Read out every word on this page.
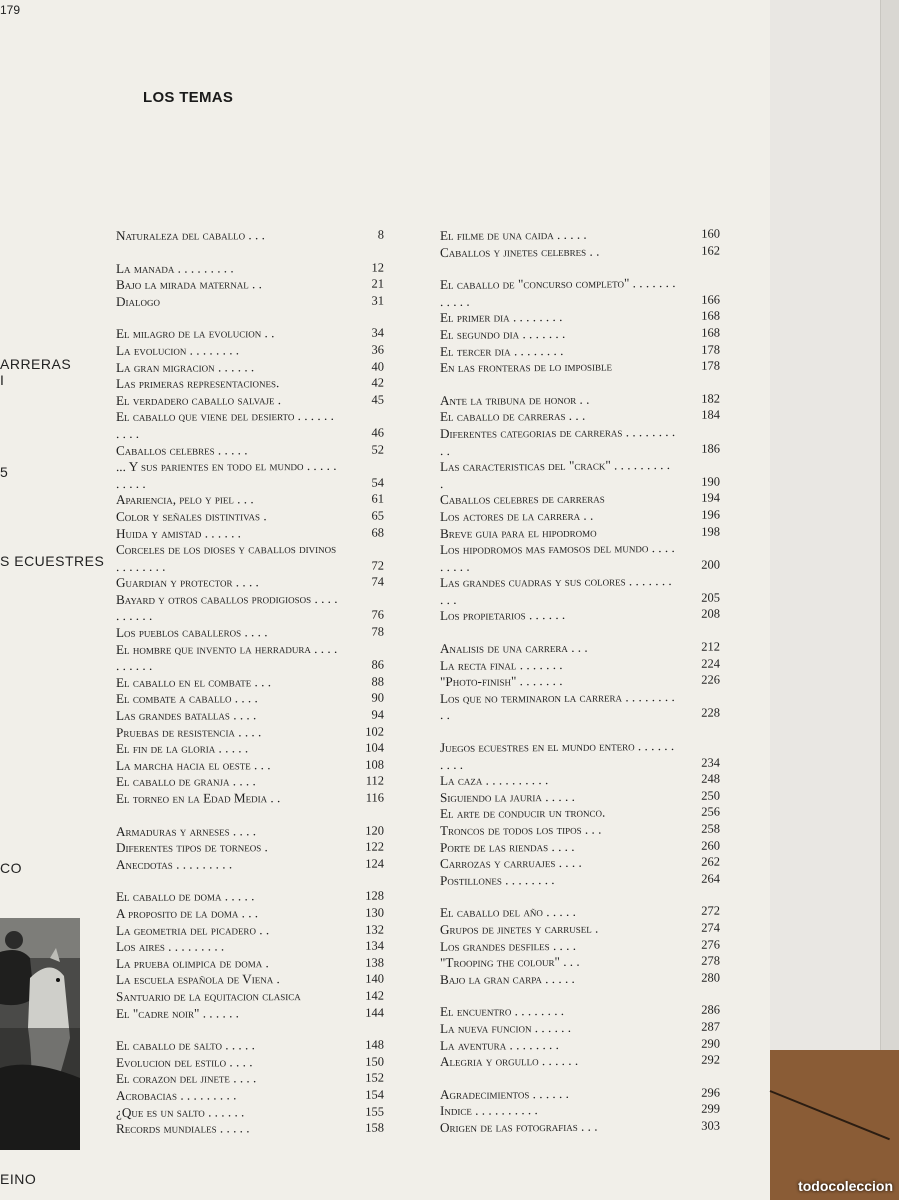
179
LOS TEMAS
ARRERAS
I
5
S ECUESTRES
CO
EINO
Naturaleza del caballo . . .	8
La manada . . . . . . . . .	12
Bajo la mirada maternal . .	21
Dialogo	31
El milagro de la evolucion . .	34
La evolucion . . . . . . . .	36
La gran migracion . . . . . .	40
Las primeras representaciones.	42
El verdadero caballo salvaje .	45
El caballo que viene del desierto . . . . . . . . . .	46
Caballos celebres . . . . .	52
... Y sus parientes en todo el mundo . . . . . . . . . .	54
Apariencia, pelo y piel . . .	61
Color y señales distintivas .	65
Huida y amistad . . . . . .	68
Corceles de los dioses y caballos divinos . . . . . . . .	72
Guardian y protector . . . .	74
Bayard y otros caballos prodigiosos . . . . . . . . . .	76
Los pueblos caballeros . . . .	78
El hombre que invento la herradura . . . . . . . . . .	86
El caballo en el combate . . .	88
El combate a caballo . . . .	90
Las grandes batallas . . . .	94
Pruebas de resistencia . . . .	102
El fin de la gloria . . . . .	104
La marcha hacia el oeste . . .	108
El caballo de granja . . . .	112
El torneo en la Edad Media . .	116
Armaduras y arneses . . . .	120
Diferentes tipos de torneos .	122
Anecdotas . . . . . . . . .	124
El caballo de doma . . . . .	128
A proposito de la doma . . .	130
La geometria del picadero . .	132
Los aires . . . . . . . . .	134
La prueba olimpica de doma .	138
La escuela española de Viena .	140
Santuario de la equitacion clasica	142
El "cadre noir" . . . . . .	144
El caballo de salto . . . . .	148
Evolucion del estilo . . . .	150
El corazon del jinete . . . .	152
Acrobacias . . . . . . . . .	154
¿Que es un salto . . . . . .	155
Records mundiales . . . . .	158
El filme de una caida . . . . .	160
Caballos y jinetes celebres . .	162
El caballo de "concurso completo" . . . . . . . . . . . .	166
El primer dia . . . . . . . .	168
El segundo dia . . . . . . .	168
El tercer dia . . . . . . . .	178
En las fronteras de lo imposible	178
Ante la tribuna de honor . .	182
El caballo de carreras . . .	184
Diferentes categorias de carreras . . . . . . . . . .	186
Las caracteristicas del "crack" . . . . . . . . . .	190
Caballos celebres de carreras	194
Los actores de la carrera . .	196
Breve guia para el hipodromo	198
Los hipodromos mas famosos del mundo . . . . . . . . .	200
Las grandes cuadras y sus colores . . . . . . . . . .	205
Los propietarios . . . . . .	208
Analisis de una carrera . . .	212
La recta final . . . . . . .	224
"Photo-finish" . . . . . . .	226
Los que no terminaron la carrera . . . . . . . . . .	228
Juegos ecuestres en el mundo entero . . . . . . . . . .	234
La caza . . . . . . . . . .	248
Siguiendo la jauria . . . . .	250
El arte de conducir un tronco.	256
Troncos de todos los tipos . . .	258
Porte de las riendas . . . .	260
Carrozas y carruajes . . . .	262
Postillones . . . . . . . .	264
El caballo del año . . . . .	272
Grupos de jinetes y carrusel .	274
Los grandes desfiles . . . .	276
"Trooping the colour" . . .	278
Bajo la gran carpa . . . . .	280
El encuentro . . . . . . . .	286
La nueva funcion . . . . . .	287
La aventura . . . . . . . .	290
Alegria y orgullo . . . . . .	292
Agradecimientos . . . . . .	296
Indice . . . . . . . . . .	299
Origen de las fotografias . . .	303
todocoleccion
